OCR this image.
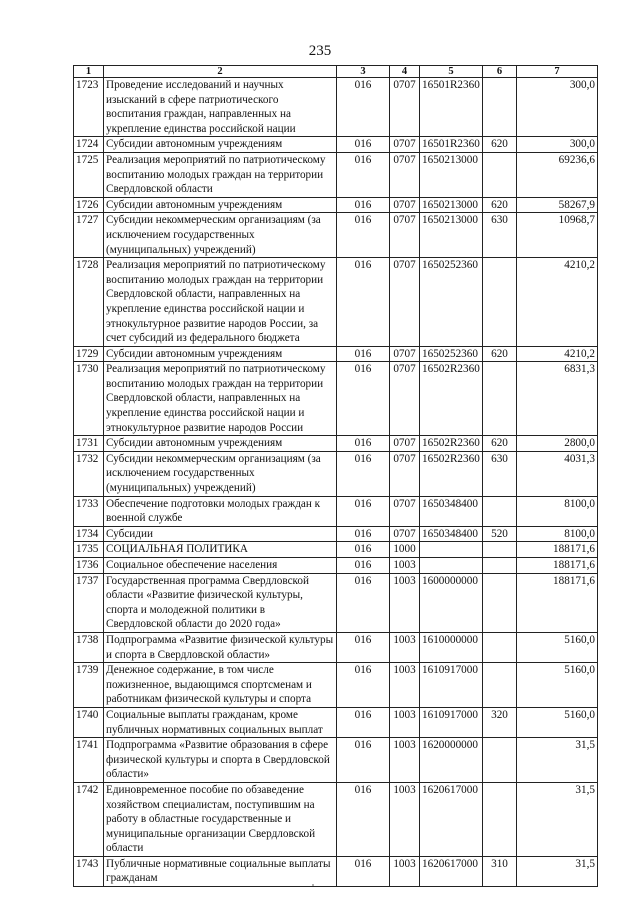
235
1	2	3	4	5	6	7
1723	Проведение исследований и научных изысканий в сфере патриотического воспитания граждан, направленных на укрепление единства российской нации	016	0707	16501R2360		300,0
1724	Субсидии автономным учреждениям	016	0707	16501R2360	620	300,0
1725	Реализация мероприятий по патриотическому воспитанию молодых граждан на территории Свердловской области	016	0707	1650213000		69236,6
1726	Субсидии автономным учреждениям	016	0707	1650213000	620	58267,9
1727	Субсидии некоммерческим организациям (за исключением государственных (муниципальных) учреждений)	016	0707	1650213000	630	10968,7
1728	Реализация мероприятий по патриотическому воспитанию молодых граждан на территории Свердловской области, направленных на укрепление единства российской нации и этнокультурное развитие народов России, за счет субсидий из федерального бюджета	016	0707	1650252360		4210,2
1729	Субсидии автономным учреждениям	016	0707	1650252360	620	4210,2
1730	Реализация мероприятий по патриотическому воспитанию молодых граждан на территории Свердловской области, направленных на укрепление единства российской нации и этнокультурное развитие народов России	016	0707	16502R2360		6831,3
1731	Субсидии автономным учреждениям	016	0707	16502R2360	620	2800,0
1732	Субсидии некоммерческим организациям (за исключением государственных (муниципальных) учреждений)	016	0707	16502R2360	630	4031,3
1733	Обеспечение подготовки молодых граждан к военной службе	016	0707	1650348400		8100,0
1734	Субсидии	016	0707	1650348400	520	8100,0
1735	СОЦИАЛЬНАЯ ПОЛИТИКА	016	1000			188171,6
1736	Социальное обеспечение населения	016	1003			188171,6
1737	Государственная программа Свердловской области «Развитие физической культуры, спорта и молодежной политики в Свердловской области до 2020 года»	016	1003	1600000000		188171,6
1738	Подпрограмма «Развитие физической культуры и спорта в Свердловской области»	016	1003	1610000000		5160,0
1739	Денежное содержание, в том числе пожизненное, выдающимся спортсменам и работникам физической культуры и спорта	016	1003	1610917000		5160,0
1740	Социальные выплаты гражданам, кроме публичных нормативных социальных выплат	016	1003	1610917000	320	5160,0
1741	Подпрограмма «Развитие образования в сфере физической культуры и спорта в Свердловской области»	016	1003	1620000000		31,5
1742	Единовременное пособие по обзаведение хозяйством специалистам, поступившим на работу в областные государственные и муниципальные организации Свердловской области	016	1003	1620617000		31,5
1743	Публичные нормативные социальные выплаты гражданам	016	1003	1620617000	310	31,5
